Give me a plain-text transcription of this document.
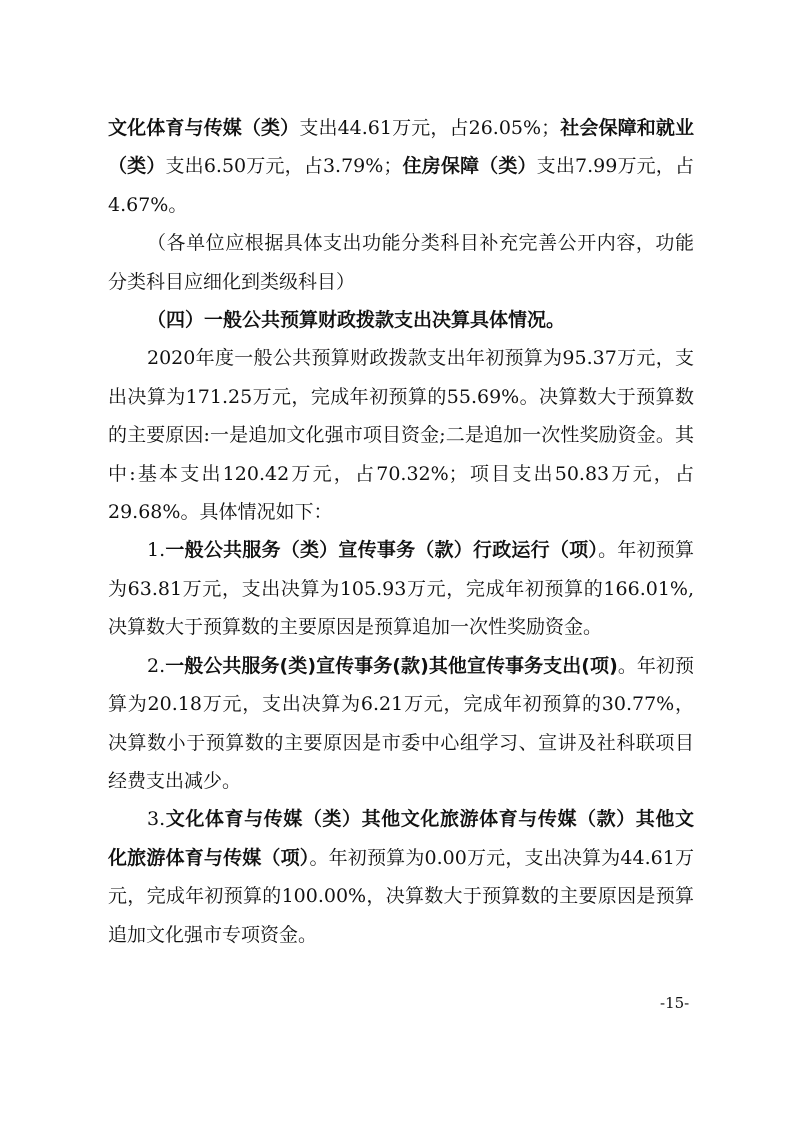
文化体育与传媒（类）支出44.61万元，占26.05%；社会保障和就业（类）支出6.50万元，占3.79%；住房保障（类）支出7.99万元，占4.67%。

（各单位应根据具体支出功能分类科目补充完善公开内容，功能分类科目应细化到类级科目）

（四）一般公共预算财政拨款支出决算具体情况。

2020年度一般公共预算财政拨款支出年初预算为95.37万元，支出决算为171.25万元，完成年初预算的55.69%。决算数大于预算数的主要原因:一是追加文化强市项目资金;二是追加一次性奖励资金。其中:基本支出120.42万元，占70.32%；项目支出50.83万元，占29.68%。具体情况如下：

1.一般公共服务（类）宣传事务（款）行政运行（项）。年初预算为63.81万元，支出决算为105.93万元，完成年初预算的166.01%,决算数大于预算数的主要原因是预算追加一次性奖励资金。

2.一般公共服务(类)宣传事务(款)其他宣传事务支出(项)。年初预算为20.18万元，支出决算为6.21万元，完成年初预算的30.77%，决算数小于预算数的主要原因是市委中心组学习、宣讲及社科联项目经费支出减少。

3.文化体育与传媒（类）其他文化旅游体育与传媒（款）其他文化旅游体育与传媒（项）。年初预算为0.00万元，支出决算为44.61万元，完成年初预算的100.00%，决算数大于预算数的主要原因是预算追加文化强市专项资金。

-15-
